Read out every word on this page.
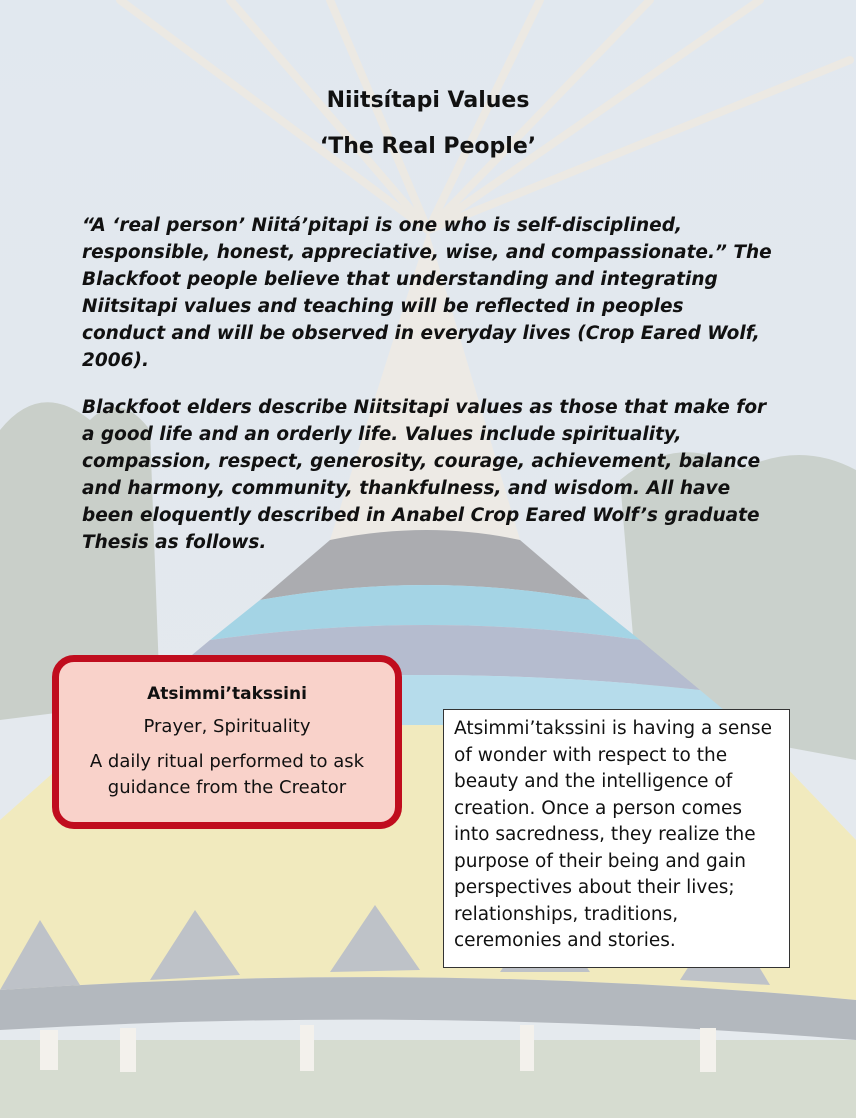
Niitsítapi Values
‘The Real People’

“A ‘real person’ Niitá’pitapi is one who is self-disciplined, responsible, honest, appreciative, wise, and compassionate.” The Blackfoot people believe that understanding and integrating Niitsitapi values and teaching will be reflected in peoples conduct and will be observed in everyday lives (Crop Eared Wolf, 2006).

Blackfoot elders describe Niitsitapi values as those that make for a good life and an orderly life. Values include spirituality, compassion, respect, generosity, courage, achievement, balance and harmony, community, thankfulness, and wisdom. All have been eloquently described in Anabel Crop Eared Wolf’s graduate Thesis as follows.

Atsimmi’takssini
Prayer, Spirituality
A daily ritual performed to ask guidance from the Creator
Atsimmi’takssini is having a sense of wonder with respect to the beauty and the intelligence of creation. Once a person comes into sacredness, they realize the purpose of their being and gain perspectives about their lives; relationships, traditions, ceremonies and stories.
